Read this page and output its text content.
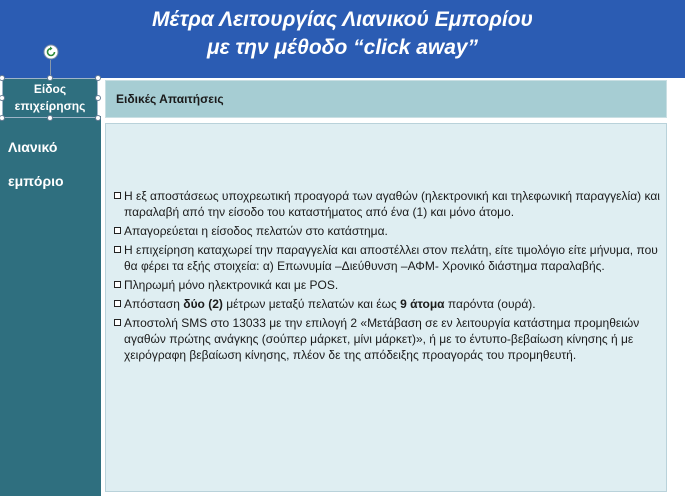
Μέτρα Λειτουργίας Λιανικού Εμπορίου
με την μέθοδο “click away”
Λιανικό
εμπόριο
Είδος επιχείρησης	Ειδικές Απαιτήσεις
Η εξ αποστάσεως υποχρεωτική προαγορά των αγαθών (ηλεκτρονική και τηλεφωνική παραγγελία) και παραλαβή από την είσοδο του καταστήματος από ένα (1) και μόνο άτομο.
Απαγορεύεται η είσοδος πελατών στο κατάστημα.
Η επιχείρηση καταχωρεί την παραγγελία και αποστέλλει στον πελάτη, είτε τιμολόγιο είτε μήνυμα, που θα φέρει τα εξής στοιχεία: α) Επωνυμία –Διεύθυνση –ΑΦΜ- Χρονικό διάστημα παραλαβής.
Πληρωμή μόνο ηλεκτρονικά και με POS.
Απόσταση δύο (2) μέτρων μεταξύ πελατών και έως 9 άτομα παρόντα (ουρά).
Αποστολή SMS στο 13033 με την επιλογή 2 «Μετάβαση σε εν λειτουργία κατάστημα προμηθειών αγαθών πρώτης ανάγκης (σούπερ μάρκετ, μίνι μάρκετ)», ή με το έντυπο-βεβαίωση κίνησης ή με χειρόγραφη βεβαίωση κίνησης, πλέον δε της απόδειξης προαγοράς του προμηθευτή.
